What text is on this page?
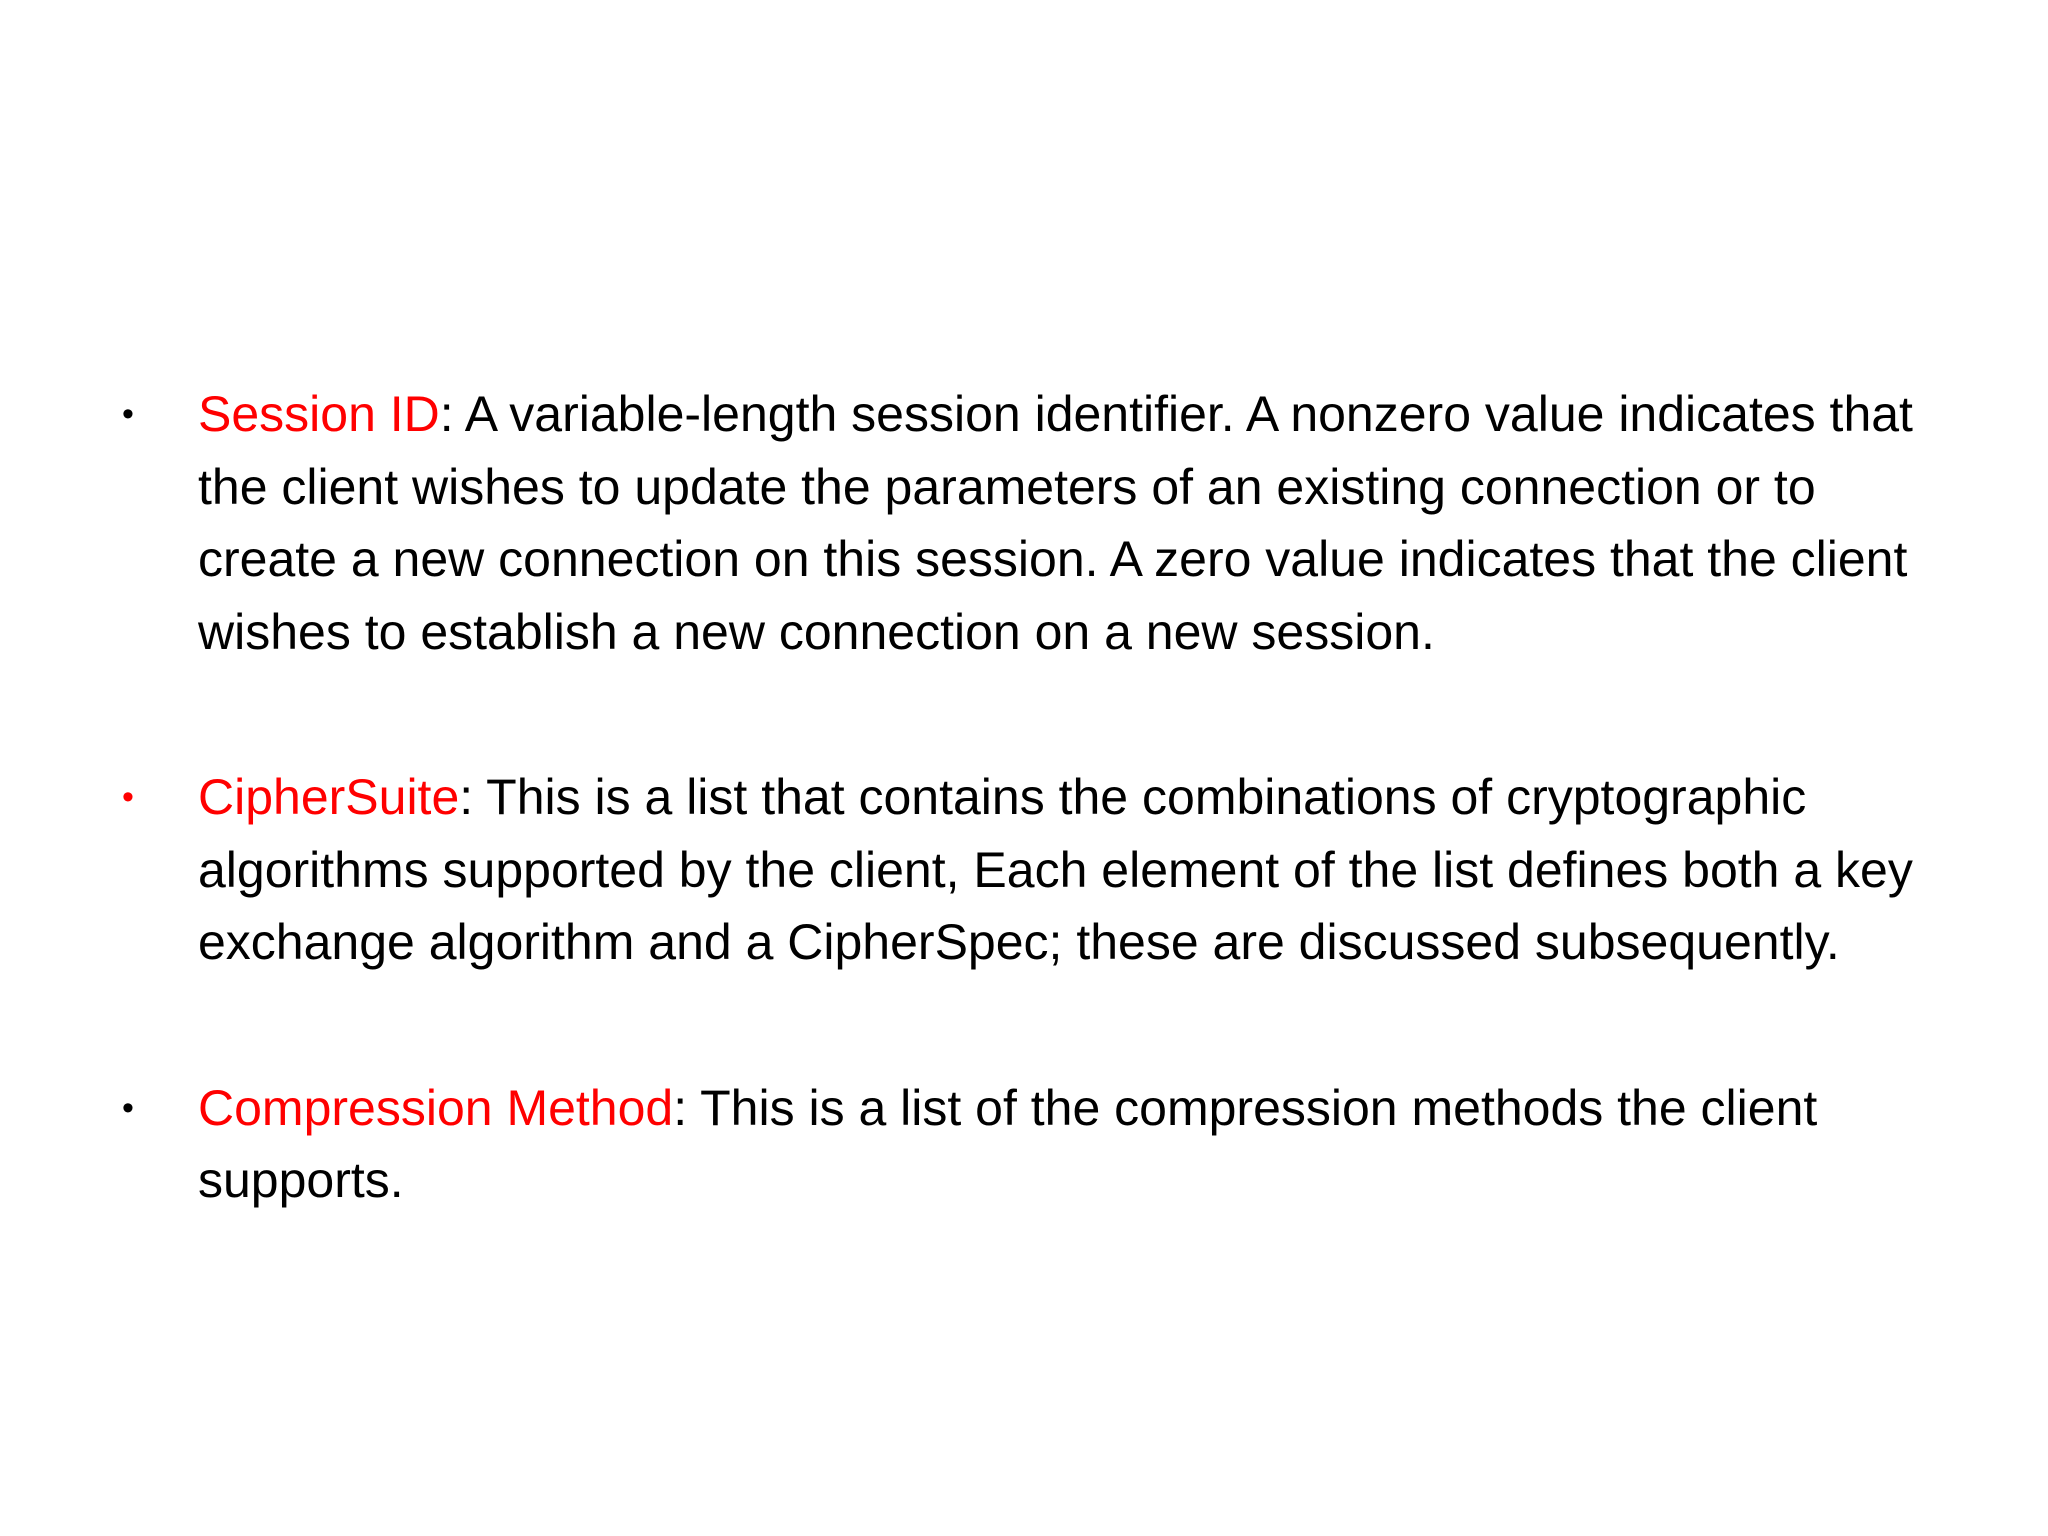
• Session ID: A variable-length session identifier. A nonzero value indicates that the client wishes to update the parameters of an existing connection or to create a new connection on this session. A zero value indicates that the client wishes to establish a new connection on a new session.
• CipherSuite: This is a list that contains the combinations of cryptographic algorithms supported by the client, Each element of the list defines both a key exchange algorithm and a CipherSpec; these are discussed subsequently.
• Compression Method: This is a list of the compression methods the client supports.
